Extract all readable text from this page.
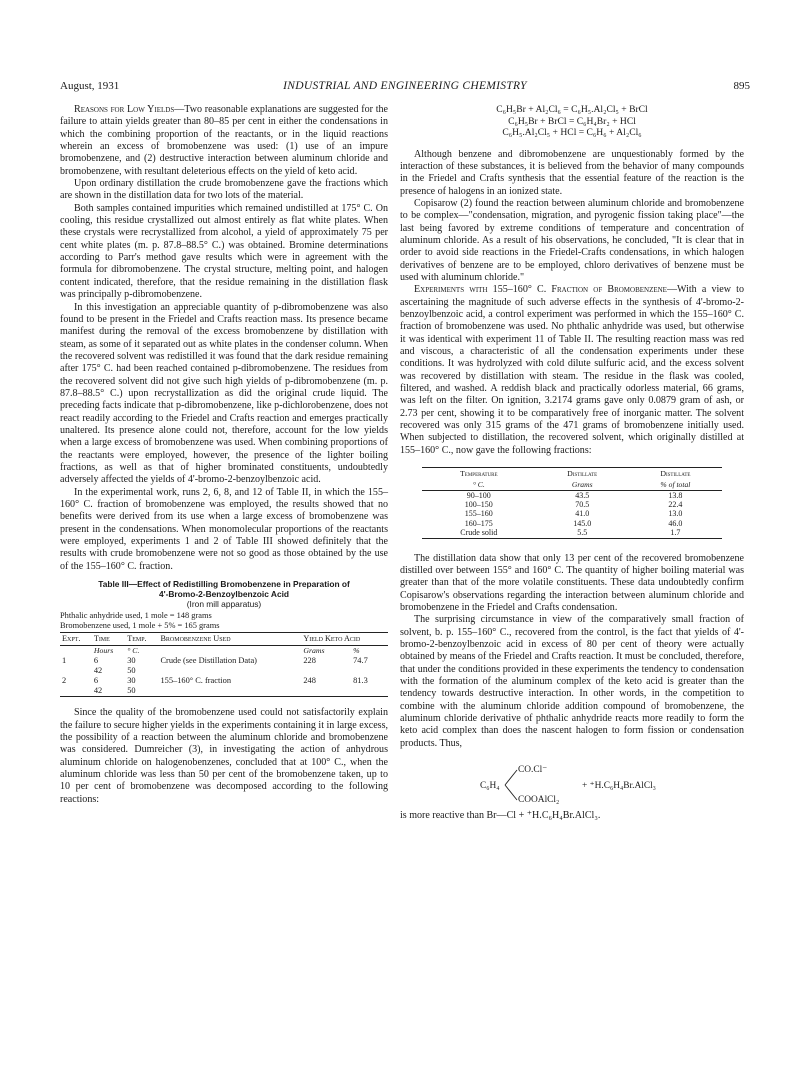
August, 1931	INDUSTRIAL AND ENGINEERING CHEMISTRY	895

Reasons for Low Yields—Two reasonable explanations are suggested for the failure to attain yields greater than 80–85 per cent in either the condensations in which the combining proportion of the reactants, or in the liquid reactions wherein an excess of bromobenzene was used: (1) use of an impure bromobenzene, and (2) destructive interaction between aluminum chloride and bromobenzene, with resultant deleterious effects on the yield of keto acid.

Upon ordinary distillation the crude bromobenzene gave the fractions which are shown in the distillation data for two lots of the material.

Both samples contained impurities which remained undistilled at 175° C. On cooling, this residue crystallized out almost entirely as flat white plates. When these crystals were recrystallized from alcohol, a yield of approximately 75 per cent white plates (m. p. 87.8–88.5° C.) was obtained. Bromine determinations according to Parr's method gave results which were in agreement with the formula for dibromobenzene. The crystal structure, melting point, and halogen content indicated, therefore, that the residue remaining in the distillation flask was principally p-dibromobenzene.

In this investigation an appreciable quantity of p-dibromobenzene was also found to be present in the Friedel and Crafts reaction mass. Its presence became manifest during the removal of the excess bromobenzene by distillation with steam, as some of it separated out as white plates in the condenser column. When the recovered solvent was redistilled it was found that the dark residue remaining after 175° C. had been reached contained p-dibromobenzene. The residues from the recovered solvent did not give such high yields of p-dibromobenzene (m. p. 87.8–88.5° C.) upon recrystallization as did the original crude liquid. The preceding facts indicate that p-dibromobenzene, like p-dichlorobenzene, does not react readily according to the Friedel and Crafts reaction and emerges practically unaltered. Its presence alone could not, therefore, account for the low yields when a large excess of bromobenzene was used. When combining proportions of the reactants were employed, however, the presence of the lighter boiling fractions, as well as that of higher brominated constituents, undoubtedly adversely affected the yields of 4'-bromo-2-benzoylbenzoic acid.

In the experimental work, runs 2, 6, 8, and 12 of Table II, in which the 155–160° C. fraction of bromobenzene was employed, the results showed that no benefits were derived from its use when a large excess of bromobenzene was present in the condensations. When monomolecular proportions of the reactants were employed, experiments 1 and 2 of Table III showed definitely that the results with crude bromobenzene were not so good as those obtained by the use of the 155–160° C. fraction.

Table III—Effect of Redistilling Bromobenzene in Preparation of
4'-Bromo-2-Benzoylbenzoic Acid
(Iron mill apparatus)
Phthalic anhydride used, 1 mole = 148 grams
Bromobenzene used, 1 mole + 5% = 165 grams
Expt.	Time	Temp.	Bromobenzene Used	Yield Keto Acid	
	Hours	° C.		Grams	%
1	6	30	Crude (see Distillation Data)	228	74.7
	42	50			
2	6	30	155–160° C. fraction	248	81.3
	42	50			

Since the quality of the bromobenzene used could not satisfactorily explain the failure to secure higher yields in the experiments containing it in large excess, the possibility of a reaction between the aluminum chloride and bromobenzene was considered. Dumreicher (3), in investigating the action of anhydrous aluminum chloride on halogenobenzenes, concluded that at 100° C., when the aluminum chloride was less than 50 per cent of the bromobenzene taken, up to 10 per cent of bromobenzene was decomposed according to the following reactions:

C₆H₅Br + Al₂Cl₆ = C₆H₅.Al₂Cl₅ + BrCl
C₆H₅Br + BrCl = C₆H₄Br₂ + HCl
C₆H₅.Al₂Cl₅ + HCl = C₆H₆ + Al₂Cl₆

Although benzene and dibromobenzene are unquestionably formed by the interaction of these substances, it is believed from the behavior of many compounds in the Friedel and Crafts synthesis that the essential feature of the reaction is the presence of halogens in an ionized state.

Copisarow (2) found the reaction between aluminum chloride and bromobenzene to be complex—"condensation, migration, and pyrogenic fission taking place"—the last being favored by extreme conditions of temperature and concentration of aluminum chloride. As a result of his observations, he concluded, "It is clear that in order to avoid side reactions in the Friedel-Crafts condensations, in which halogen derivatives of benzene are to be employed, chloro derivatives of benzene must be used with aluminum chloride."

Experiments with 155–160° C. Fraction of Bromobenzene—With a view to ascertaining the magnitude of such adverse effects in the synthesis of 4'-bromo-2-benzoylbenzoic acid, a control experiment was performed in which the 155–160° C. fraction of bromobenzene was used. No phthalic anhydride was used, but otherwise it was identical with experiment 11 of Table II. The resulting reaction mass was red and viscous, a characteristic of all the condensation experiments under these conditions. It was hydrolyzed with cold dilute sulfuric acid, and the excess solvent was recovered by distillation with steam. The residue in the flask was cooled, filtered, and washed. A reddish black and practically odorless material, 66 grams, was left on the filter. On ignition, 3.2174 grams gave only 0.0879 gram of ash, or 2.73 per cent, showing it to be comparatively free of inorganic matter. The solvent recovered was only 315 grams of the 471 grams of bromobenzene initially used. When subjected to distillation, the recovered solvent, which originally distilled at 155–160° C., now gave the following fractions:

Temperature	Distillate	Distillate
° C.	Grams	% of total
90–100	43.5	13.8
100–150	70.5	22.4
155–160	41.0	13.0
160–175	145.0	46.0
Crude solid	5.5	1.7

The distillation data show that only 13 per cent of the recovered bromobenzene distilled over between 155° and 160° C. The quantity of higher boiling material was greater than that of the more volatile constituents. These data undoubtedly confirm Copisarow's observations regarding the interaction between aluminum chloride and bromobenzene in the Friedel and Crafts condensation.

The surprising circumstance in view of the comparatively small fraction of solvent, b. p. 155–160° C., recovered from the control, is the fact that yields of 4'-bromo-2-benzoylbenzoic acid in excess of 80 per cent of theory were actually obtained by means of the Friedel and Crafts reaction. It must be concluded, therefore, that under the conditions provided in these experiments the tendency to condensation with the formation of the aluminum complex of the keto acid is greater than the tendency towards destructive interaction. In other words, in the competition to combine with the aluminum chloride addition compound of bromobenzene, the aluminum chloride derivative of phthalic anhydride reacts more readily to form the keto acid complex than does the nascent halogen to form fission or condensation products. Thus,

C₆H₄
CO.Cl⁻
COOAlCl₂
+ ⁺H.C₆H₄Br.AlCl₃

is more reactive than Br—Cl + ⁺H.C₆H₄Br.AlCl₃.
